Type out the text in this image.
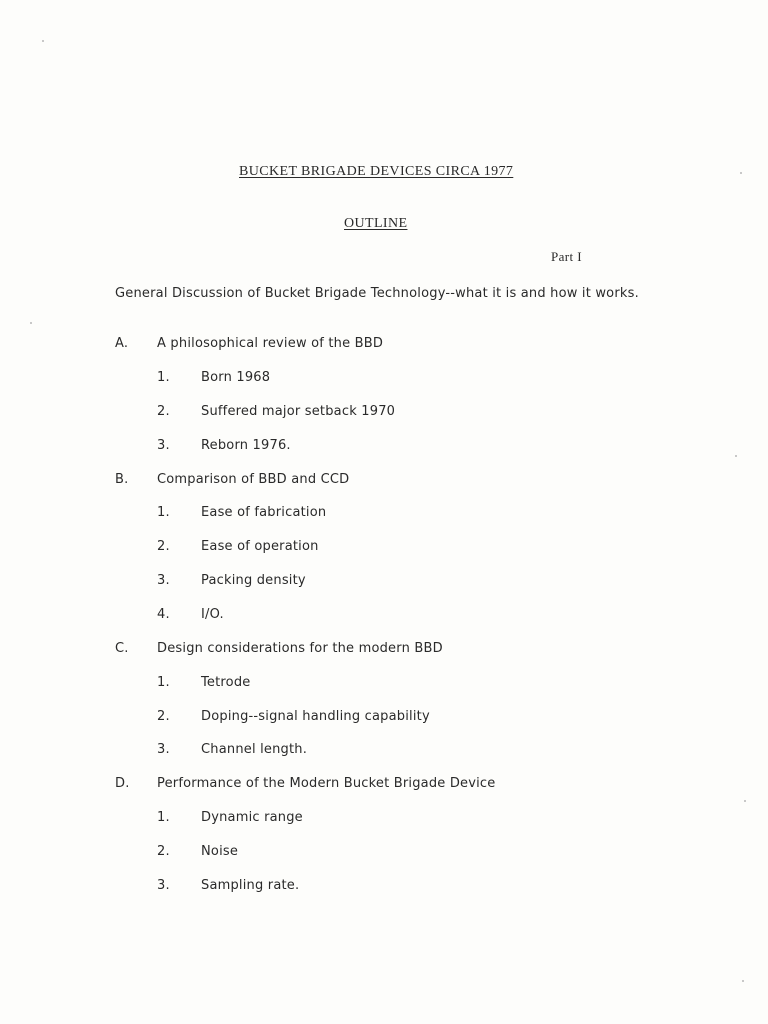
BUCKET BRIGADE DEVICES CIRCA 1977
OUTLINE
Part I
General Discussion of Bucket Brigade Technology--what it is and how it works.
A. A philosophical review of the BBD
1. Born 1968
2. Suffered major setback 1970
3. Reborn 1976.
B. Comparison of BBD and CCD
1. Ease of fabrication
2. Ease of operation
3. Packing density
4. I/O.
C. Design considerations for the modern BBD
1. Tetrode
2. Doping--signal handling capability
3. Channel length.
D. Performance of the Modern Bucket Brigade Device
1. Dynamic range
2. Noise
3. Sampling rate.
